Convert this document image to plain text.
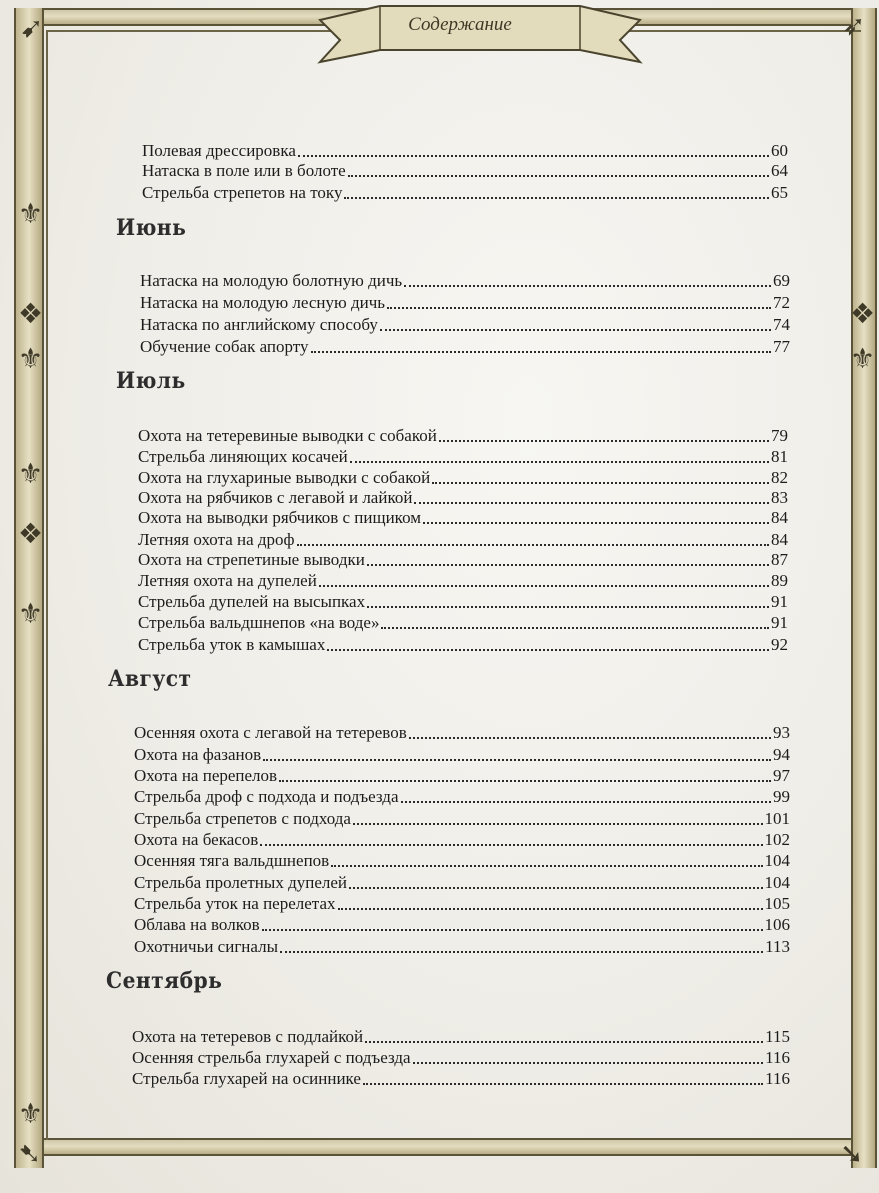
➹	➶
➷	➘
⚜
❖
⚜
⚜
❖
⚜
⚜
❖
⚜
Содержание
Полевая дрессировка	60
Натаска в поле или в болоте	64
Стрельба стрепетов на току	65
Июнь
Натаска на молодую болотную дичь	69
Натаска на молодую лесную дичь	72
Натаска по английскому способу	74
Обучение собак апорту	77
Июль
Охота на тетеревиные выводки с собакой	79
Стрельба линяющих косачей	81
Охота на глухариные выводки с собакой	82
Охота на рябчиков с легавой и лайкой	83
Охота на выводки рябчиков с пищиком	84
Летняя охота на дроф	84
Охота на стрепетиные выводки	87
Летняя охота на дупелей	89
Стрельба дупелей на высыпках	91
Стрельба вальдшнепов «на воде»	91
Стрельба уток в камышах	92
Август
Осенняя охота с легавой на тетеревов	93
Охота на фазанов	94
Охота на перепелов	97
Стрельба дроф с подхода и подъезда	99
Стрельба стрепетов с подхода	101
Охота на бекасов	102
Осенняя тяга вальдшнепов	104
Стрельба пролетных дупелей	104
Стрельба уток на перелетах	105
Облава на волков	106
Охотничьи сигналы	113
Сентябрь
Охота на тетеревов с подлайкой	115
Осенняя стрельба глухарей с подъезда	116
Стрельба глухарей на осиннике	116
